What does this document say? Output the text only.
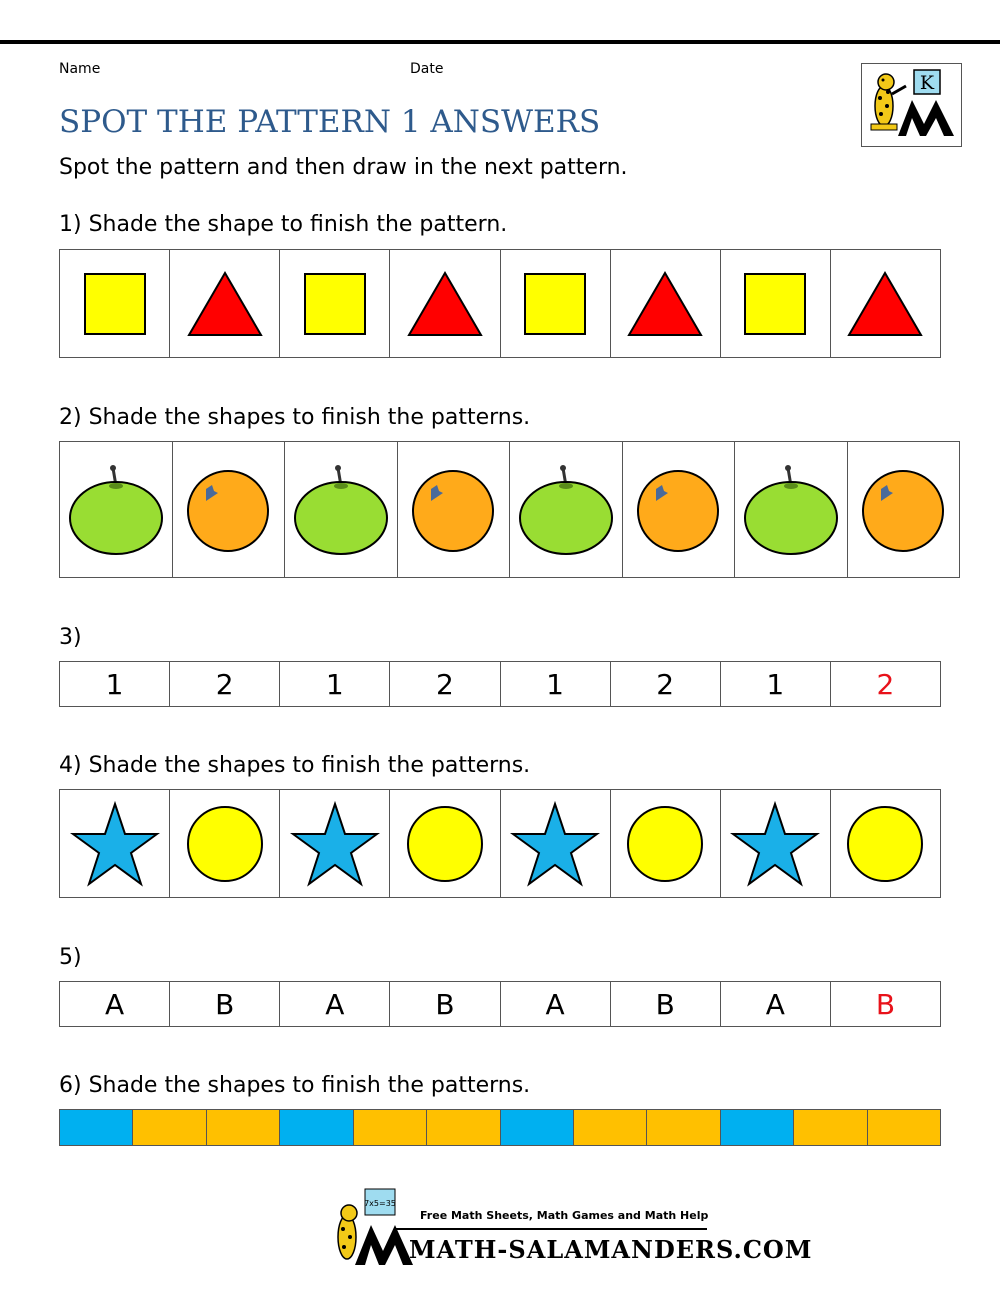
Name	Date
K
SPOT THE PATTERN 1 ANSWERS
Spot the pattern and then draw in the next pattern.
1) Shade the shape to finish the pattern.
2) Shade the shapes to finish the patterns.
3)
1	2	1	2	1	2	1	2
4) Shade the shapes to finish the patterns.
5)
A	B	A	B	A	B	A	B
6) Shade the shapes to finish the patterns.
7x5=35
Free Math Sheets, Math Games and Math Help
MATH-SALAMANDERS.COM
